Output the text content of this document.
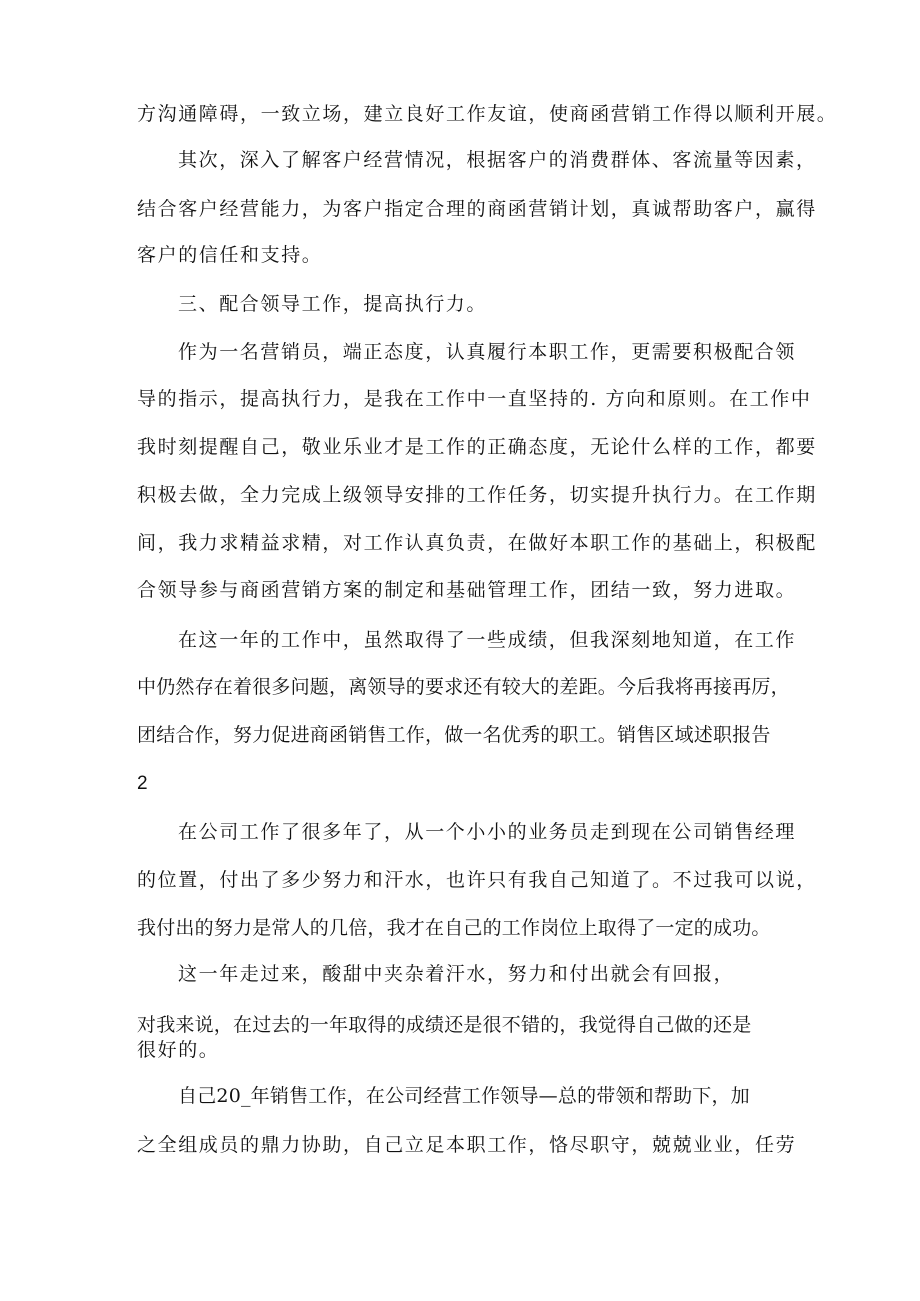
方沟通障碍，一致立场，建立良好工作友谊，使商函营销工作得以顺利开展。
其次，深入了解客户经营情况，根据客户的消费群体、客流量等因素，
结合客户经营能力，为客户指定合理的商函营销计划，真诚帮助客户，赢得
客户的信任和支持。
三、配合领导工作，提高执行力。
作为一名营销员，端正态度，认真履行本职工作，更需要积极配合领
导的指示，提高执行力，是我在工作中一直坚持的. 方向和原则。在工作中
我时刻提醒自己，敬业乐业才是工作的正确态度，无论什么样的工作，都要
积极去做，全力完成上级领导安排的工作任务，切实提升执行力。在工作期
间，我力求精益求精，对工作认真负责，在做好本职工作的基础上，积极配
合领导参与商函营销方案的制定和基础管理工作，团结一致，努力进取。
在这一年的工作中，虽然取得了一些成绩，但我深刻地知道，在工作
中仍然存在着很多问题，离领导的要求还有较大的差距。今后我将再接再厉，
团结合作，努力促进商函销售工作，做一名优秀的职工。销售区域述职报告
2
在公司工作了很多年了，从一个小小的业务员走到现在公司销售经理
的位置，付出了多少努力和汗水，也许只有我自己知道了。不过我可以说，
我付出的努力是常人的几倍，我才在自己的工作岗位上取得了一定的成功。
这一年走过来，酸甜中夹杂着汗水，努力和付出就会有回报，
对我来说，在过去的一年取得的成绩还是很不错的，我觉得自己做的还是
很好的。
自己20_年销售工作，在公司经营工作领导—总的带领和帮助下，加
之全组成员的鼎力协助，自己立足本职工作，恪尽职守，兢兢业业，任劳
